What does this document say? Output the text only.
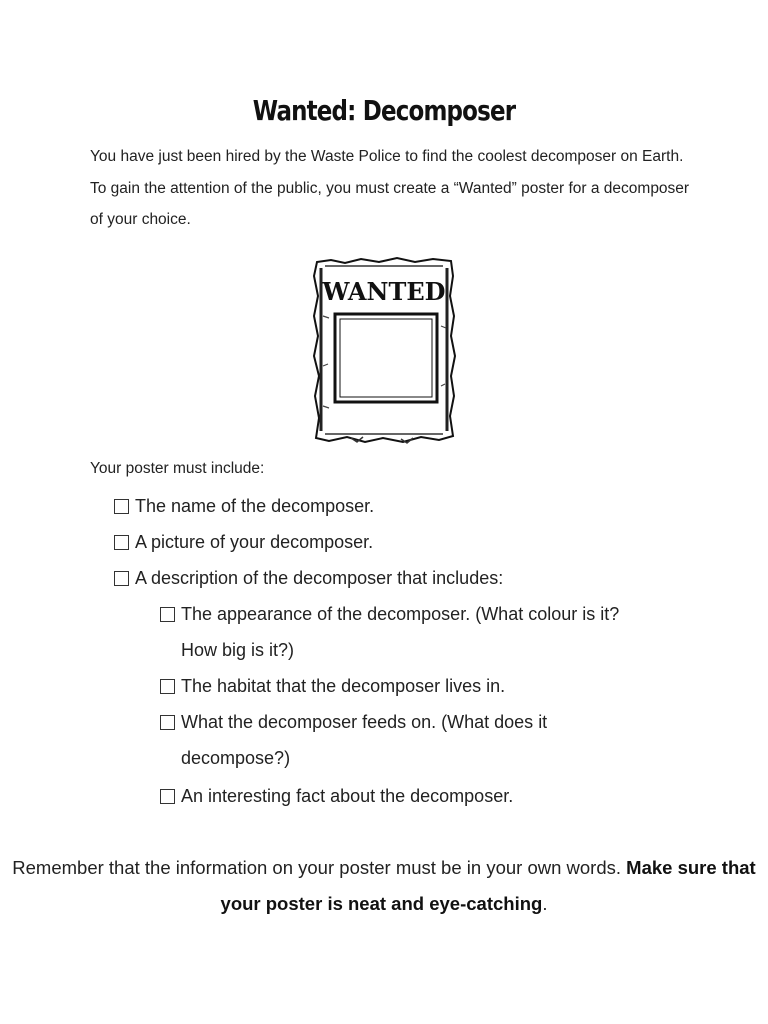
Wanted: Decomposer
You have just been hired by the Waste Police to find the coolest decomposer on Earth. To gain the attention of the public, you must create a “Wanted” poster for a decomposer of your choice.
WANTED
Your poster must include:
The name of the decomposer.
A picture of your decomposer.
A description of the decomposer that includes:
The appearance of the decomposer. (What colour is it? How big is it?)
The habitat that the decomposer lives in.
What the decomposer feeds on. (What does it decompose?)
An interesting fact about the decomposer.
Remember that the information on your poster must be in your own words. Make sure that your poster is neat and eye-catching.
